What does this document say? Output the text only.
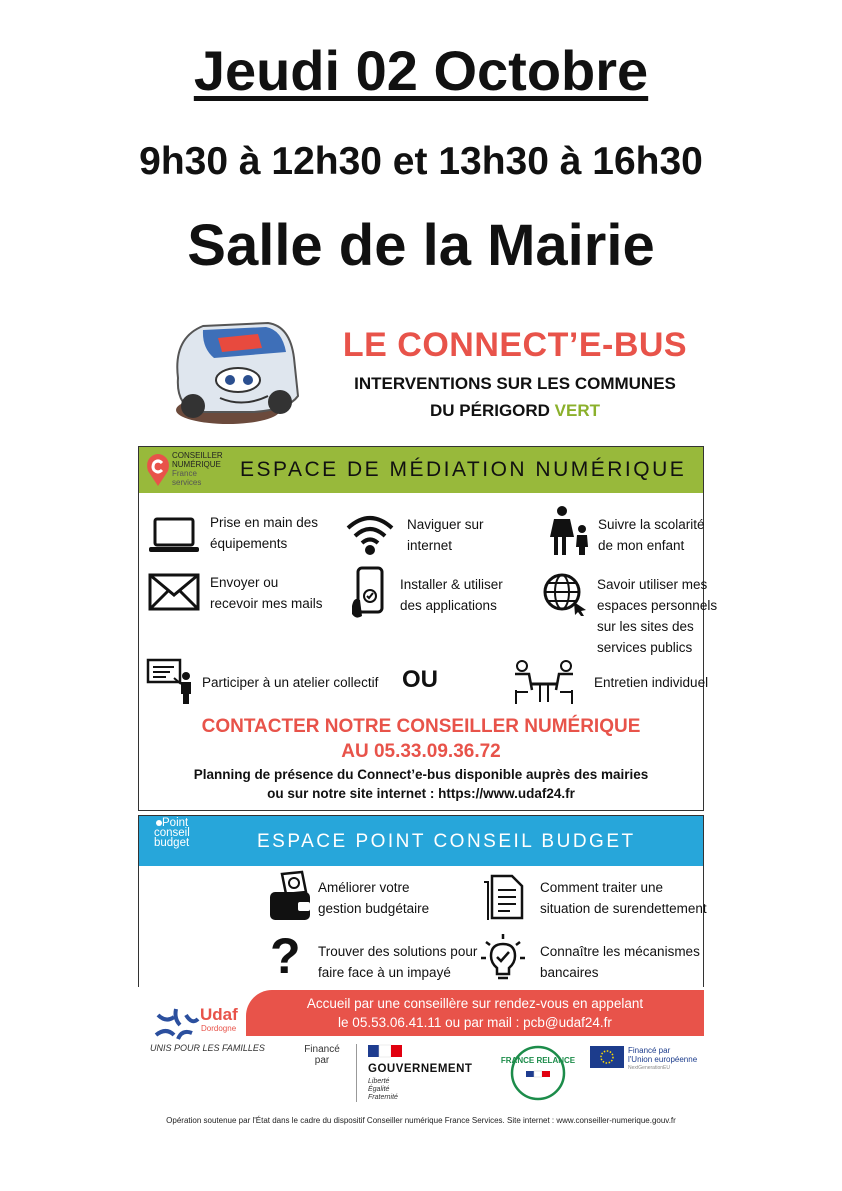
Jeudi 02 Octobre
9h30 à 12h30 et 13h30 à 16h30
Salle de la Mairie
LE CONNECT’E-BUS
INTERVENTIONS SUR LES COMMUNES
DU PÉRIGORD VERT
CONSEILLER
NUMÉRIQUE
France
services
ESPACE DE MÉDIATION NUMÉRIQUE
Prise en main des
équipements
Naviguer sur
internet
Suivre la scolarité
de mon enfant
Envoyer ou
recevoir mes mails
Installer & utiliser
des applications
Savoir utiliser mes
espaces personnels
sur les sites des
services publics
Participer à un atelier collectif OU	Entretien individuel
CONTACTER NOTRE CONSEILLER NUMÉRIQUE
AU 05.33.09.36.72
Planning de présence du Connect’e-bus disponible auprès des mairies
ou sur notre site internet : https://www.udaf24.fr
Point
conseil
budget	ESPACE POINT CONSEIL BUDGET
Améliorer votre
gestion budgétaire
Comment traiter une
situation de surendettement
? Trouver des solutions pour
faire face à un impayé
Connaître les mécanismes
bancaires
Accueil par une conseillère sur rendez-vous en appelant
le 05.53.06.41.11 ou par mail : pcb@udaf24.fr
Udaf
Dordogne
UNIS POUR LES FAMILLES	Financé par
GOUVERNEMENT
Liberté
Égalité
Fraternité
FRANCE RELANCE
Financé par
l'Union européenne
NextGenerationEU
Opération soutenue par l'État dans le cadre du dispositif Conseiller numérique France Services. Site internet : www.conseiller-numerique.gouv.fr
